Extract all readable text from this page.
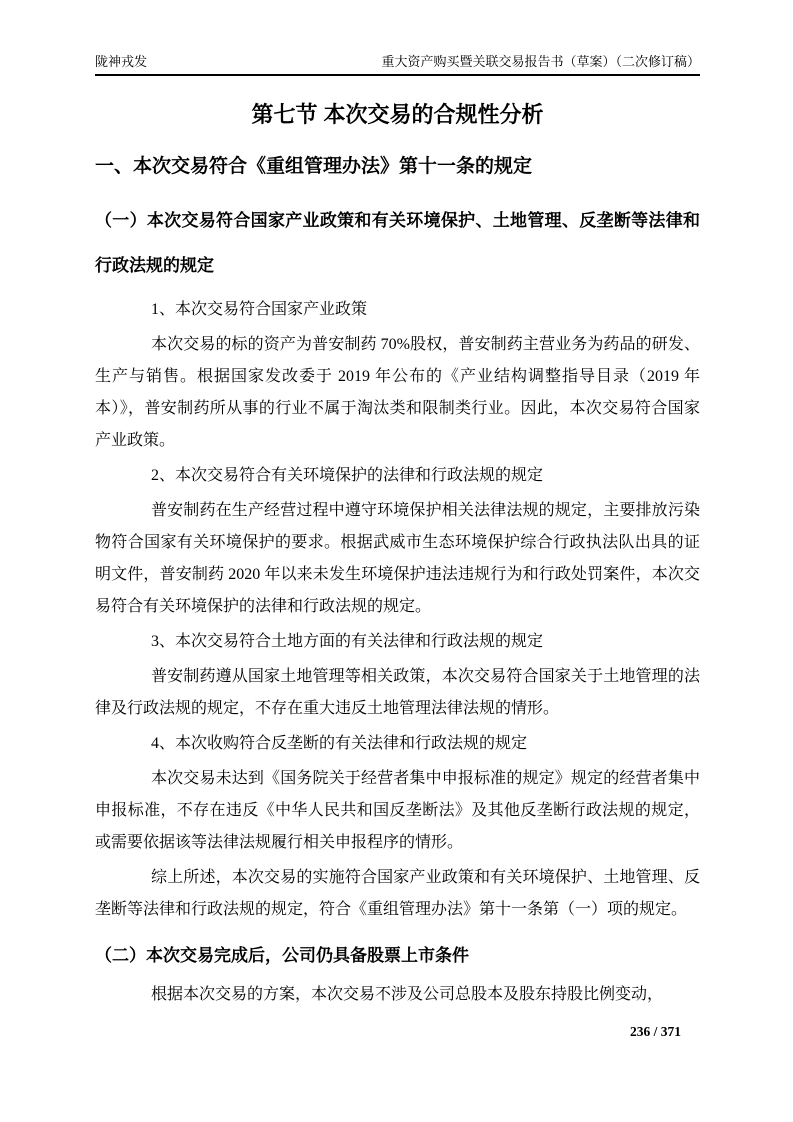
陇神戎发	重大资产购买暨关联交易报告书（草案）（二次修订稿）
第七节 本次交易的合规性分析
一、本次交易符合《重组管理办法》第十一条的规定
（一）本次交易符合国家产业政策和有关环境保护、土地管理、反垄断等法律和行政法规的规定

1、本次交易符合国家产业政策

本次交易的标的资产为普安制药 70%股权，普安制药主营业务为药品的研发、生产与销售。根据国家发改委于 2019 年公布的《产业结构调整指导目录（2019 年本）》，普安制药所从事的行业不属于淘汰类和限制类行业。因此，本次交易符合国家产业政策。

2、本次交易符合有关环境保护的法律和行政法规的规定

普安制药在生产经营过程中遵守环境保护相关法律法规的规定，主要排放污染物符合国家有关环境保护的要求。根据武威市生态环境保护综合行政执法队出具的证明文件，普安制药 2020 年以来未发生环境保护违法违规行为和行政处罚案件，本次交易符合有关环境保护的法律和行政法规的规定。

3、本次交易符合土地方面的有关法律和行政法规的规定

普安制药遵从国家土地管理等相关政策，本次交易符合国家关于土地管理的法律及行政法规的规定，不存在重大违反土地管理法律法规的情形。

4、本次收购符合反垄断的有关法律和行政法规的规定

本次交易未达到《国务院关于经营者集中申报标准的规定》规定的经营者集中申报标准，不存在违反《中华人民共和国反垄断法》及其他反垄断行政法规的规定，或需要依据该等法律法规履行相关申报程序的情形。

综上所述，本次交易的实施符合国家产业政策和有关环境保护、土地管理、反垄断等法律和行政法规的规定，符合《重组管理办法》第十一条第（一）项的规定。

（二）本次交易完成后，公司仍具备股票上市条件

根据本次交易的方案，本次交易不涉及公司总股本及股东持股比例变动，

236 / 371
